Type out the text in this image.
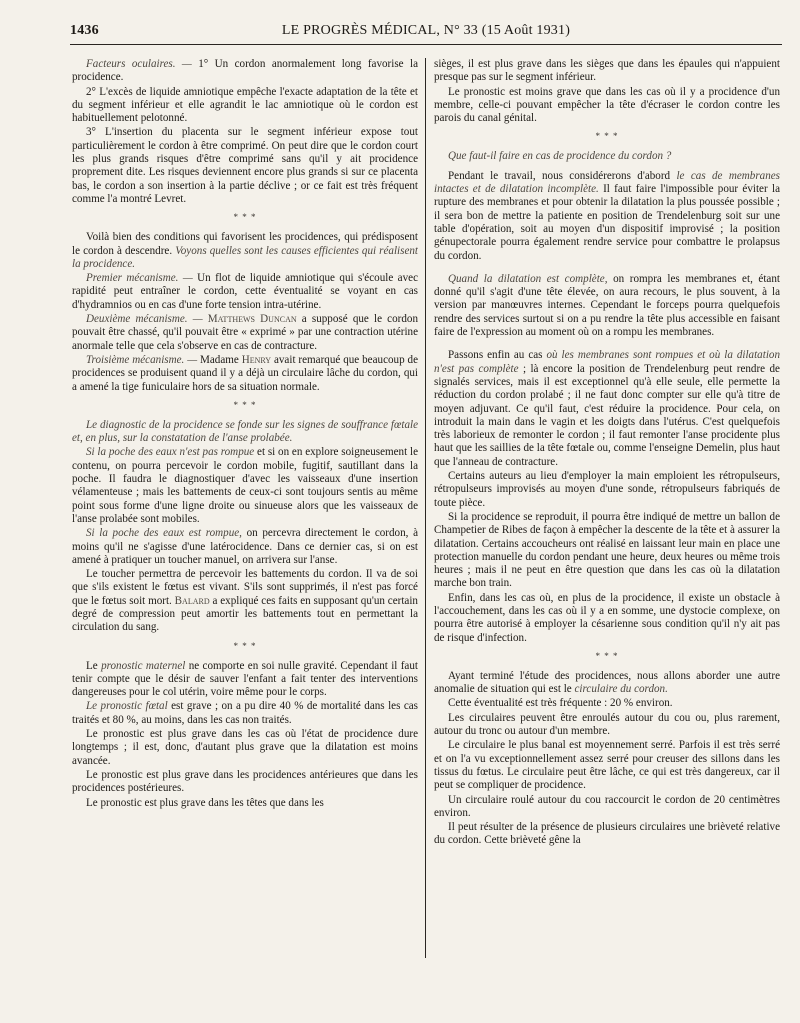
1436	LE PROGRÈS MÉDICAL, N° 33 (15 Août 1931)

Facteurs oculaires. — 1° Un cordon anormalement long favorise la procidence.

2° L'excès de liquide amniotique empêche l'exacte adaptation de la tête et du segment inférieur et elle agrandit le lac amniotique où le cordon est habituellement pelotonné.

3° L'insertion du placenta sur le segment inférieur expose tout particulièrement le cordon à être comprimé. On peut dire que le cordon court les plus grands risques d'être comprimé sans qu'il y ait procidence proprement dite. Les risques deviennent encore plus grands si sur ce placenta bas, le cordon a son insertion à la partie déclive ; or ce fait est très fréquent comme l'a montré Levret.

* * *

Voilà bien des conditions qui favorisent les procidences, qui prédisposent le cordon à descendre. Voyons quelles sont les causes efficientes qui réalisent la procidence.

Premier mécanisme. — Un flot de liquide amniotique qui s'écoule avec rapidité peut entraîner le cordon, cette éventualité se voyant en cas d'hydramnios ou en cas d'une forte tension intra-utérine.

Deuxième mécanisme. — Matthews Duncan a supposé que le cordon pouvait être chassé, qu'il pouvait être « exprimé » par une contraction utérine anormale telle que cela s'observe en cas de contracture.

Troisième mécanisme. — Madame Henry avait remarqué que beaucoup de procidences se produisent quand il y a déjà un circulaire lâche du cordon, qui a amené la tige funiculaire hors de sa situation normale.

* * *

Le diagnostic de la procidence se fonde sur les signes de souffrance fœtale et, en plus, sur la constatation de l'anse prolabée.

Si la poche des eaux n'est pas rompue et si on en explore soigneusement le contenu, on pourra percevoir le cordon mobile, fugitif, sautillant dans la poche. Il faudra le diagnostiquer d'avec les vaisseaux d'une insertion vélamenteuse ; mais les battements de ceux-ci sont toujours sentis au même point sous forme d'une ligne droite ou sinueuse alors que les vaisseaux de l'anse prolabée sont mobiles.

Si la poche des eaux est rompue, on percevra directement le cordon, à moins qu'il ne s'agisse d'une latérocidence. Dans ce dernier cas, si on est amené à pratiquer un toucher manuel, on arrivera sur l'anse.

Le toucher permettra de percevoir les battements du cordon. Il va de soi que s'ils existent le fœtus est vivant. S'ils sont supprimés, il n'est pas forcé que le fœtus soit mort. Balard a expliqué ces faits en supposant qu'un certain degré de compression peut amortir les battements tout en permettant la circulation du sang.

* * *

Le pronostic maternel ne comporte en soi nulle gravité. Cependant il faut tenir compte que le désir de sauver l'enfant a fait tenter des interventions dangereuses pour le col utérin, voire même pour le corps.

Le pronostic fœtal est grave ; on a pu dire 40 % de mortalité dans les cas traités et 80 %, au moins, dans les cas non traités.

Le pronostic est plus grave dans les cas où l'état de procidence dure longtemps ; il est, donc, d'autant plus grave que la dilatation est moins avancée.

Le pronostic est plus grave dans les procidences antérieures que dans les procidences postérieures.

Le pronostic est plus grave dans les têtes que dans les

sièges, il est plus grave dans les sièges que dans les épaules qui n'appuient presque pas sur le segment inférieur.

Le pronostic est moins grave que dans les cas où il y a procidence d'un membre, celle-ci pouvant empêcher la tête d'écraser le cordon contre les parois du canal génital.

* * *

Que faut-il faire en cas de procidence du cordon ?

Pendant le travail, nous considérerons d'abord le cas de membranes intactes et de dilatation incomplète. Il faut faire l'impossible pour éviter la rupture des membranes et pour obtenir la dilatation la plus poussée possible ; il sera bon de mettre la patiente en position de Trendelenburg soit sur une table d'opération, soit au moyen d'un dispositif improvisé ; la position génupectorale pourra également rendre service pour combattre le prolapsus du cordon.

Quand la dilatation est complète, on rompra les membranes et, étant donné qu'il s'agit d'une tête élevée, on aura recours, le plus souvent, à la version par manœuvres internes. Cependant le forceps pourra quelquefois rendre des services surtout si on a pu rendre la tête plus accessible en faisant faire de l'expression au moment où on a rompu les membranes.

Passons enfin au cas où les membranes sont rompues et où la dilatation n'est pas complète ; là encore la position de Trendelenburg peut rendre de signalés services, mais il est exceptionnel qu'à elle seule, elle permette la réduction du cordon prolabé ; il ne faut donc compter sur elle qu'à titre de moyen adjuvant. Ce qu'il faut, c'est réduire la procidence. Pour cela, on introduit la main dans le vagin et les doigts dans l'utérus. C'est quelquefois très laborieux de remonter le cordon ; il faut remonter l'anse procidente plus haut que les saillies de la tête fœtale ou, comme l'enseigne Demelin, plus haut que l'anneau de contracture.

Certains auteurs au lieu d'employer la main emploient les rétropulseurs, rétropulseurs improvisés au moyen d'une sonde, rétropulseurs fabriqués de toute pièce.

Si la procidence se reproduit, il pourra être indiqué de mettre un ballon de Champetier de Ribes de façon à empêcher la descente de la tête et à assurer la dilatation. Certains accoucheurs ont réalisé en laissant leur main en place une protection manuelle du cordon pendant une heure, deux heures ou même trois heures ; mais il ne peut en être question que dans les cas où la dilatation marche bon train.

Enfin, dans les cas où, en plus de la procidence, il existe un obstacle à l'accouchement, dans les cas où il y a en somme, une dystocie complexe, on pourra être autorisé à employer la césarienne sous condition qu'il n'y ait pas de risque d'infection.

* * *

Ayant terminé l'étude des procidences, nous allons aborder une autre anomalie de situation qui est le circulaire du cordon.

Cette éventualité est très fréquente : 20 % environ.

Les circulaires peuvent être enroulés autour du cou ou, plus rarement, autour du tronc ou autour d'un membre.

Le circulaire le plus banal est moyennement serré. Parfois il est très serré et on l'a vu exceptionnellement assez serré pour creuser des sillons dans les tissus du fœtus. Le circulaire peut être lâche, ce qui est très dangereux, car il peut se compliquer de procidence.

Un circulaire roulé autour du cou raccourcit le cordon de 20 centimètres environ.

Il peut résulter de la présence de plusieurs circulaires une brièveté relative du cordon. Cette brièveté gêne la
